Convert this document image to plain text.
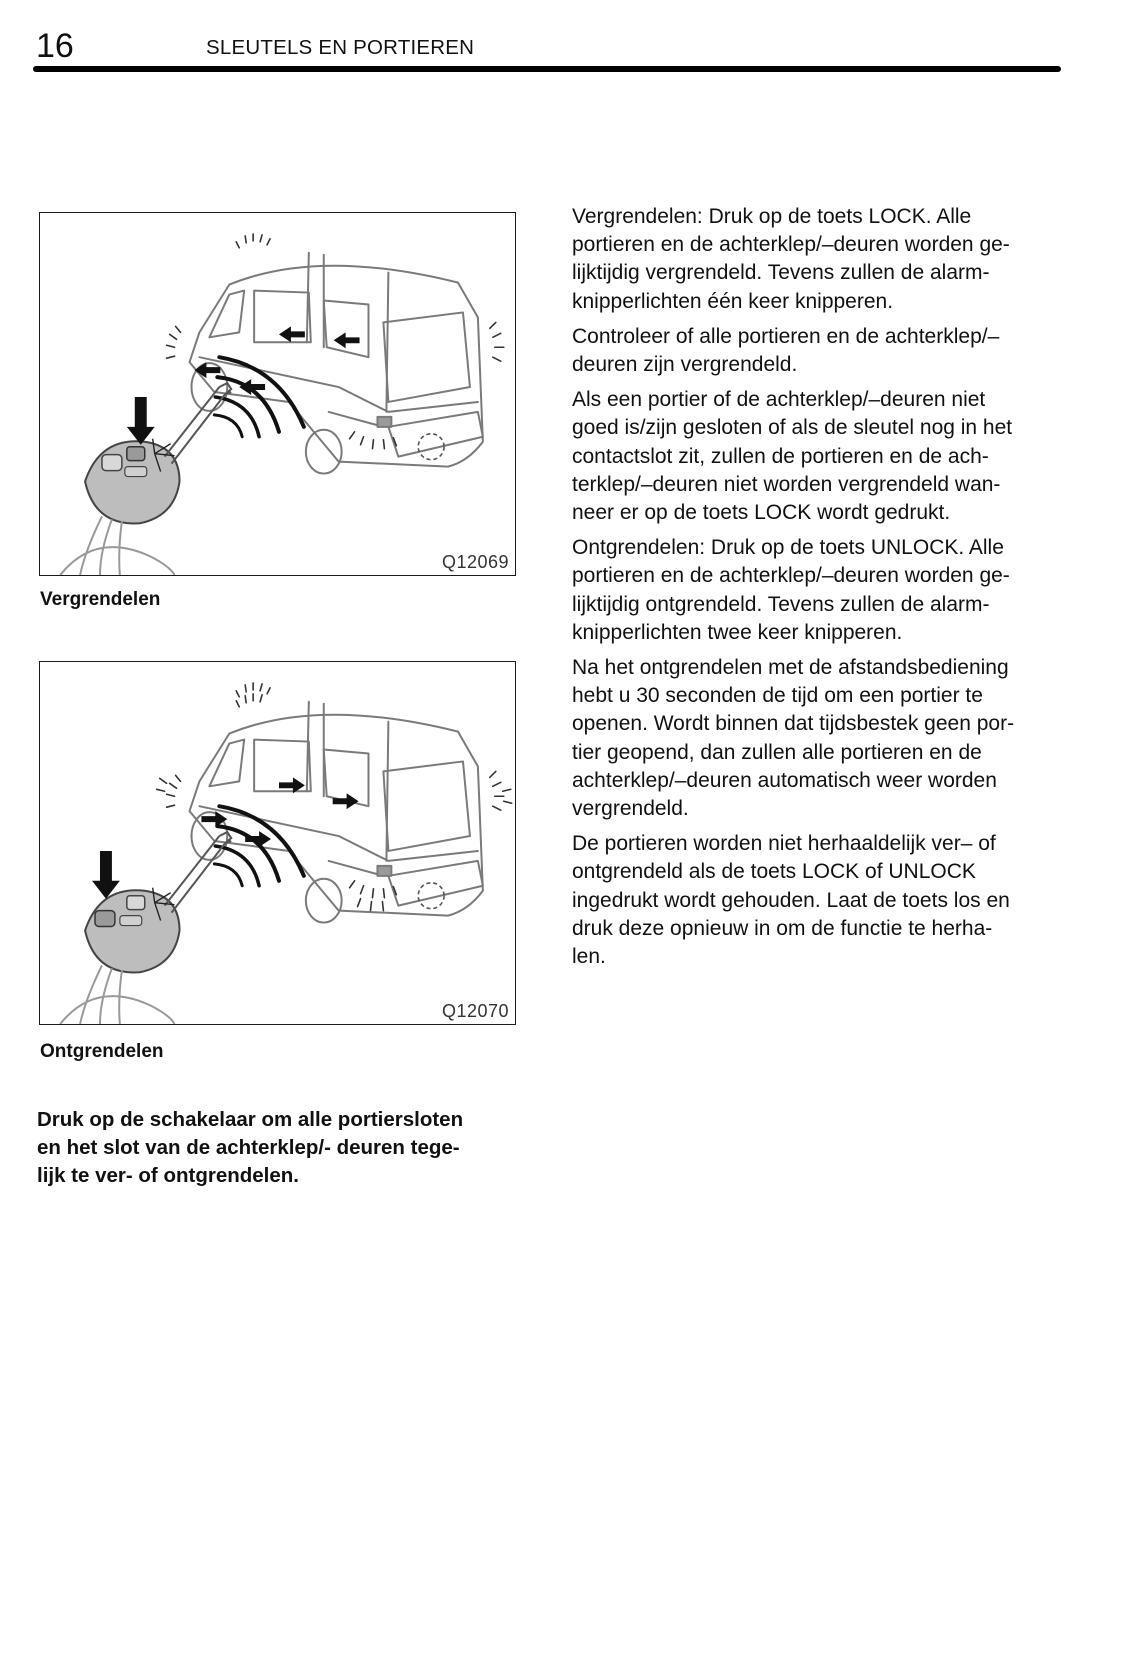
16	SLEUTELS EN PORTIEREN
Q12069
Vergrendelen
Q12070
Ontgrendelen
Druk op de schakelaar om alle portiersloten
en het slot van de achterklep/- deuren tege-
lijk te ver- of ontgrendelen.
Vergrendelen: Druk op de toets LOCK. Alle
portieren en de achterklep/–deuren worden ge-
lijktijdig vergrendeld. Tevens zullen de alarm-
knipperlichten één keer knipperen.
Controleer of alle portieren en de achterklep/–
deuren zijn vergrendeld.
Als een portier of de achterklep/–deuren niet
goed is/zijn gesloten of als de sleutel nog in het
contactslot zit, zullen de portieren en de ach-
terklep/–deuren niet worden vergrendeld wan-
neer er op de toets LOCK wordt gedrukt.
Ontgrendelen: Druk op de toets UNLOCK. Alle
portieren en de achterklep/–deuren worden ge-
lijktijdig ontgrendeld. Tevens zullen de alarm-
knipperlichten twee keer knipperen.
Na het ontgrendelen met de afstandsbediening
hebt u 30 seconden de tijd om een portier te
openen. Wordt binnen dat tijdsbestek geen por-
tier geopend, dan zullen alle portieren en de
achterklep/–deuren automatisch weer worden
vergrendeld.
De portieren worden niet herhaaldelijk ver– of
ontgrendeld als de toets LOCK of UNLOCK
ingedrukt wordt gehouden. Laat de toets los en
druk deze opnieuw in om de functie te herha-
len.
